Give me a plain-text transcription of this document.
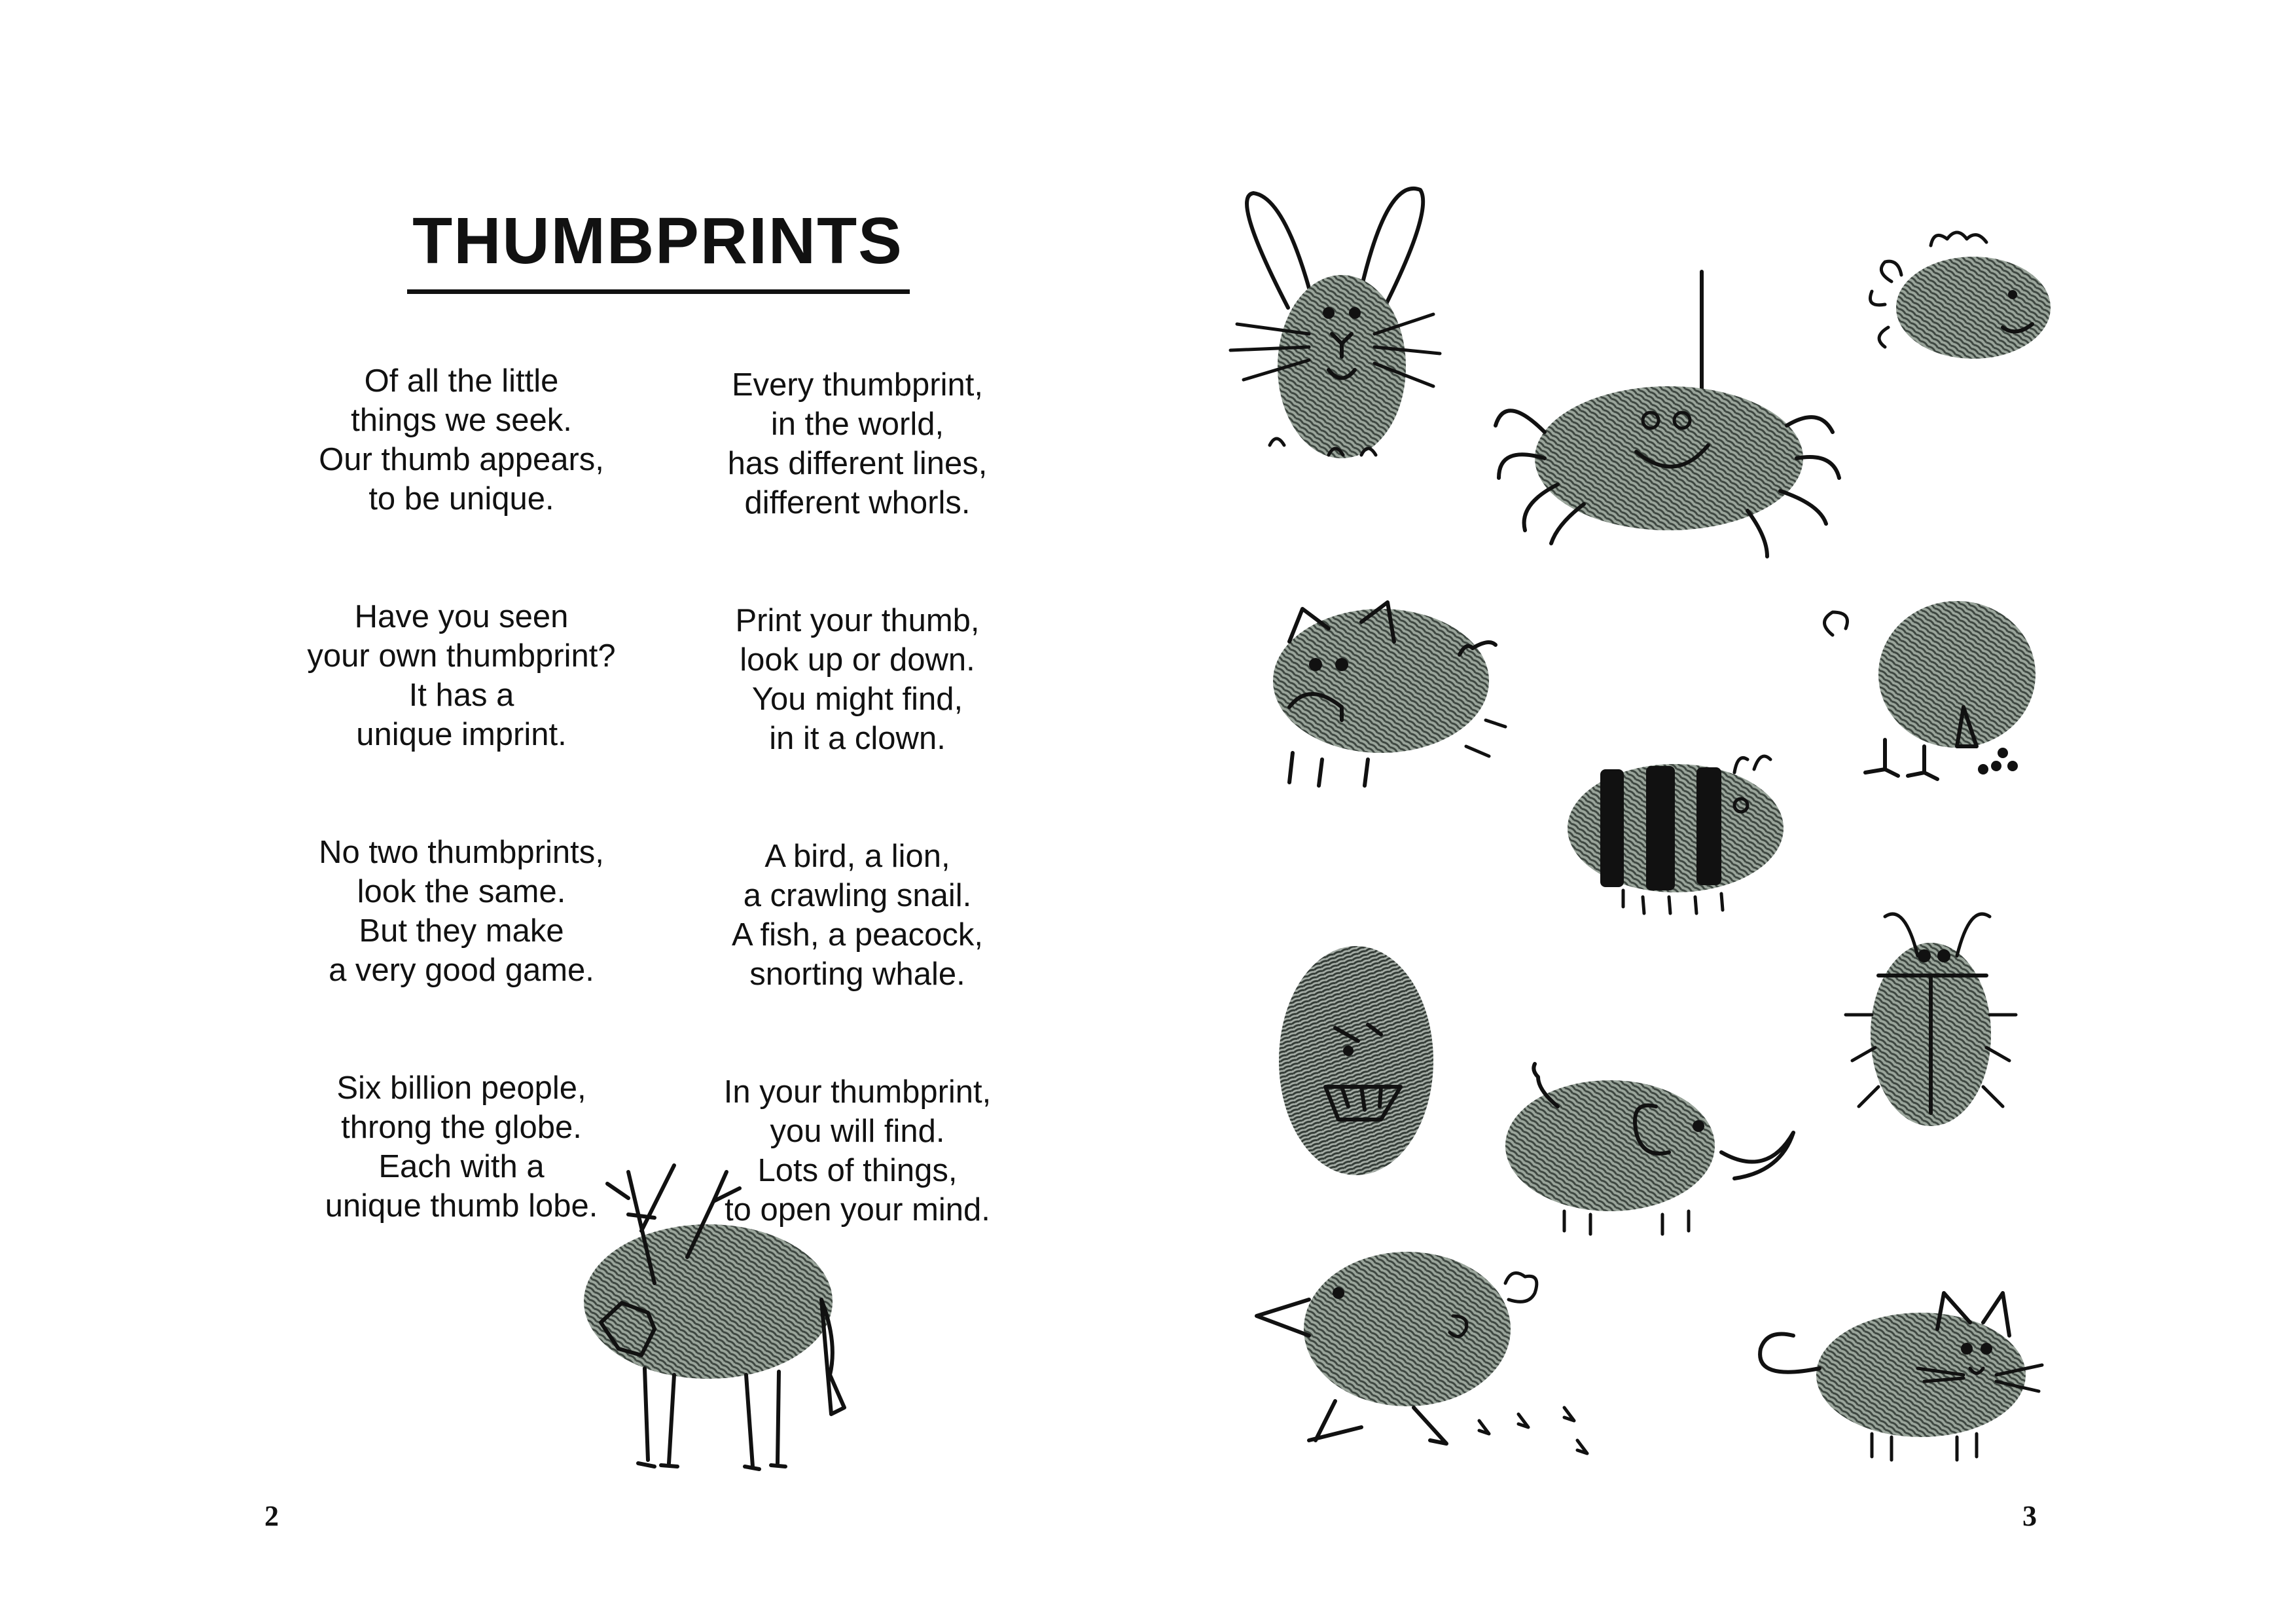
THUMBPRINTS

Of all the little
things we seek.
Our thumb appears,
to be unique.

Have you seen
your own thumbprint?
It has a
unique imprint.

No two thumbprints,
look the same.
But they make
a very good game.

Six billion people,
throng the globe.
Each with a
unique thumb lobe.

Every thumbprint,
in the world,
has different lines,
different whorls.

Print your thumb,
look up or down.
You might find,
in it a clown.

A bird, a lion,
a crawling snail.
A fish, a peacock,
snorting whale.

In your thumbprint,
you will find.
Lots of things,
to open your mind.

2	3
